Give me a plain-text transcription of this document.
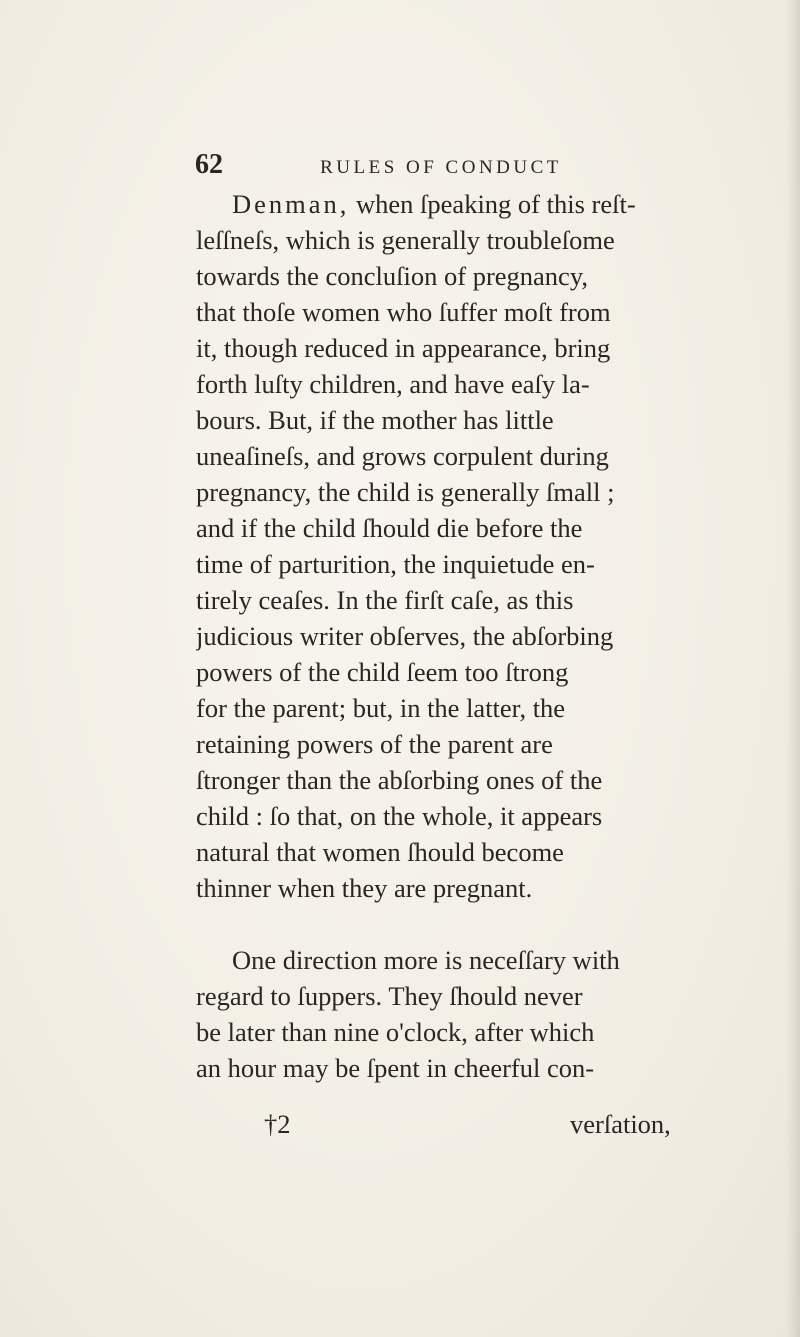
62	RULES OF CONDUCT
Denman, when ſpeaking of this reſt-
leſſneſs, which is generally troubleſome
towards the concluſion of pregnancy,
that thoſe women who ſuffer moſt from
it, though reduced in appearance, bring
forth luſty children, and have eaſy la-
bours. But, if the mother has little
uneaſineſs, and grows corpulent during
pregnancy, the child is generally ſmall ;
and if the child ſhould die before the
time of parturition, the inquietude en-
tirely ceaſes. In the firſt caſe, as this
judicious writer obſerves, the abſorbing
powers of the child ſeem too ſtrong
for the parent; but, in the latter, the
retaining powers of the parent are
ſtronger than the abſorbing ones of the
child : ſo that, on the whole, it appears
natural that women ſhould become
thinner when they are pregnant.
One direction more is neceſſary with
regard to ſuppers. They ſhould never
be later than nine o'clock, after which
an hour may be ſpent in cheerful con-
†2	verſation,
